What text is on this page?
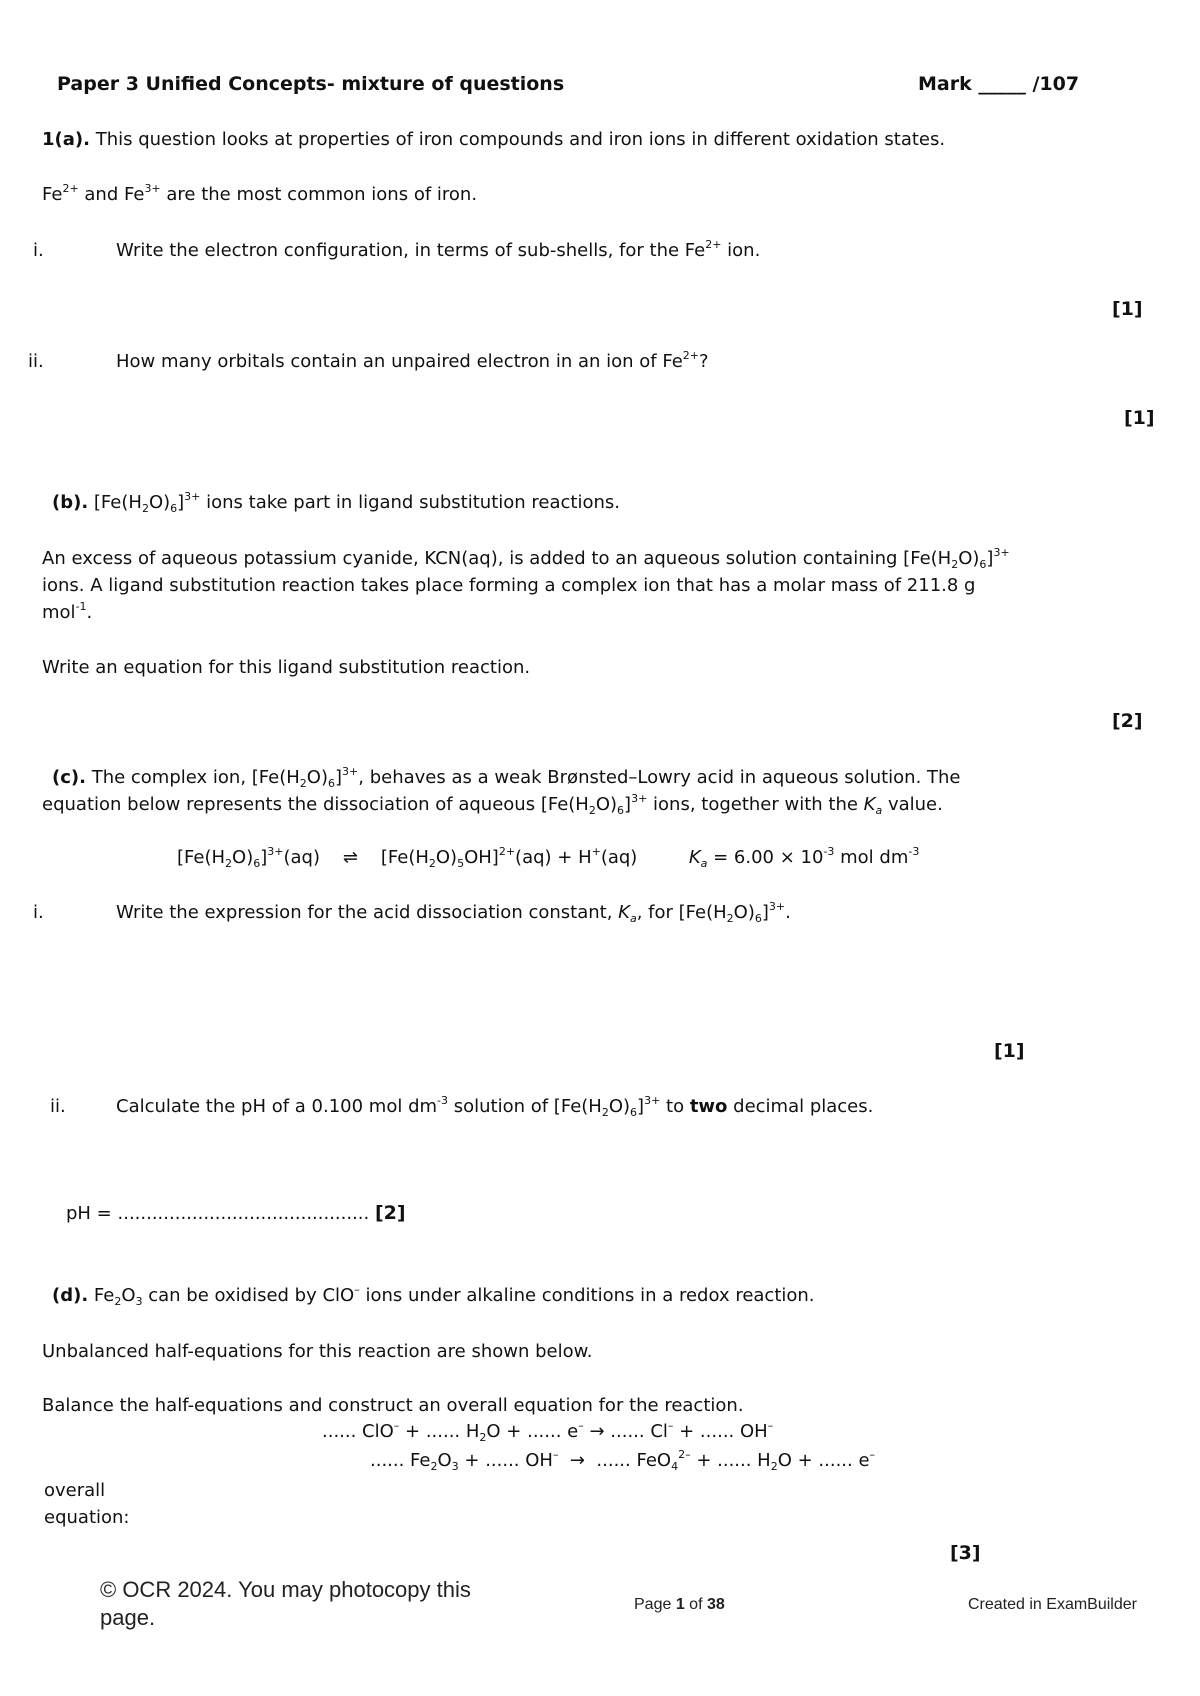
Paper 3 Unified Concepts- mixture of questions	Mark _____ /107
1(a). This question looks at properties of iron compounds and iron ions in different oxidation states.
$Fe^{2+}$ and $Fe^{3+}$ are the most common ions of iron.
i.	Write the electron configuration, in terms of sub-shells, for the $Fe^{2+}$ ion.
[1]
ii.	How many orbitals contain an unpaired electron in an ion of $Fe^{2+}$?
[1]
(b). $[Fe(H_2O)_6]^{3+}$ ions take part in ligand substitution reactions.
An excess of aqueous potassium cyanide, KCN(aq), is added to an aqueous solution containing $[Fe(H_2O)_6]^{3+}$
ions. A ligand substitution reaction takes place forming a complex ion that has a molar mass of 211.8 g
mol$^{-1}$.
Write an equation for this ligand substitution reaction.
[2]
(c). The complex ion, $[Fe(H_2O)_6]^{3+}$, behaves as a weak Brønsted–Lowry acid in aqueous solution. The
equation below represents the dissociation of aqueous $[Fe(H_2O)_6]^{3+}$ ions, together with the $K_a$ value.
$[Fe(H_2O)_6]^{3+}(aq)$    ⇌    $[Fe(H_2O)_5OH]^{2+}(aq) + H^+(aq)$         $K_a = 6.00 \times 10^{-3}$ mol $dm^{-3}$
i.	Write the expression for the acid dissociation constant, $K_a$, for $[Fe(H_2O)_6]^{3+}$.
[1]
ii.	Calculate the pH of a 0.100 mol $dm^{-3}$ solution of $[Fe(H_2O)_6]^{3+}$ to two decimal places.
pH = ............................................ [2]
(d). $Fe_2O_3$ can be oxidised by ClO– ions under alkaline conditions in a redox reaction.
Unbalanced half-equations for this reaction are shown below.
Balance the half-equations and construct an overall equation for the reaction.
...... ClO– + ...... $H_2O$ + ...... e– → ...... Cl– + ...... OH–
...... $Fe_2O_3$ + ...... OH–  →  ...... FeO$_4^{2-}$ + ...... $H_2O$ + ...... e–
overall
equation:
[3]
© OCR 2024. You may photocopy this
page.
Page 1 of 38	Created in ExamBuilder
